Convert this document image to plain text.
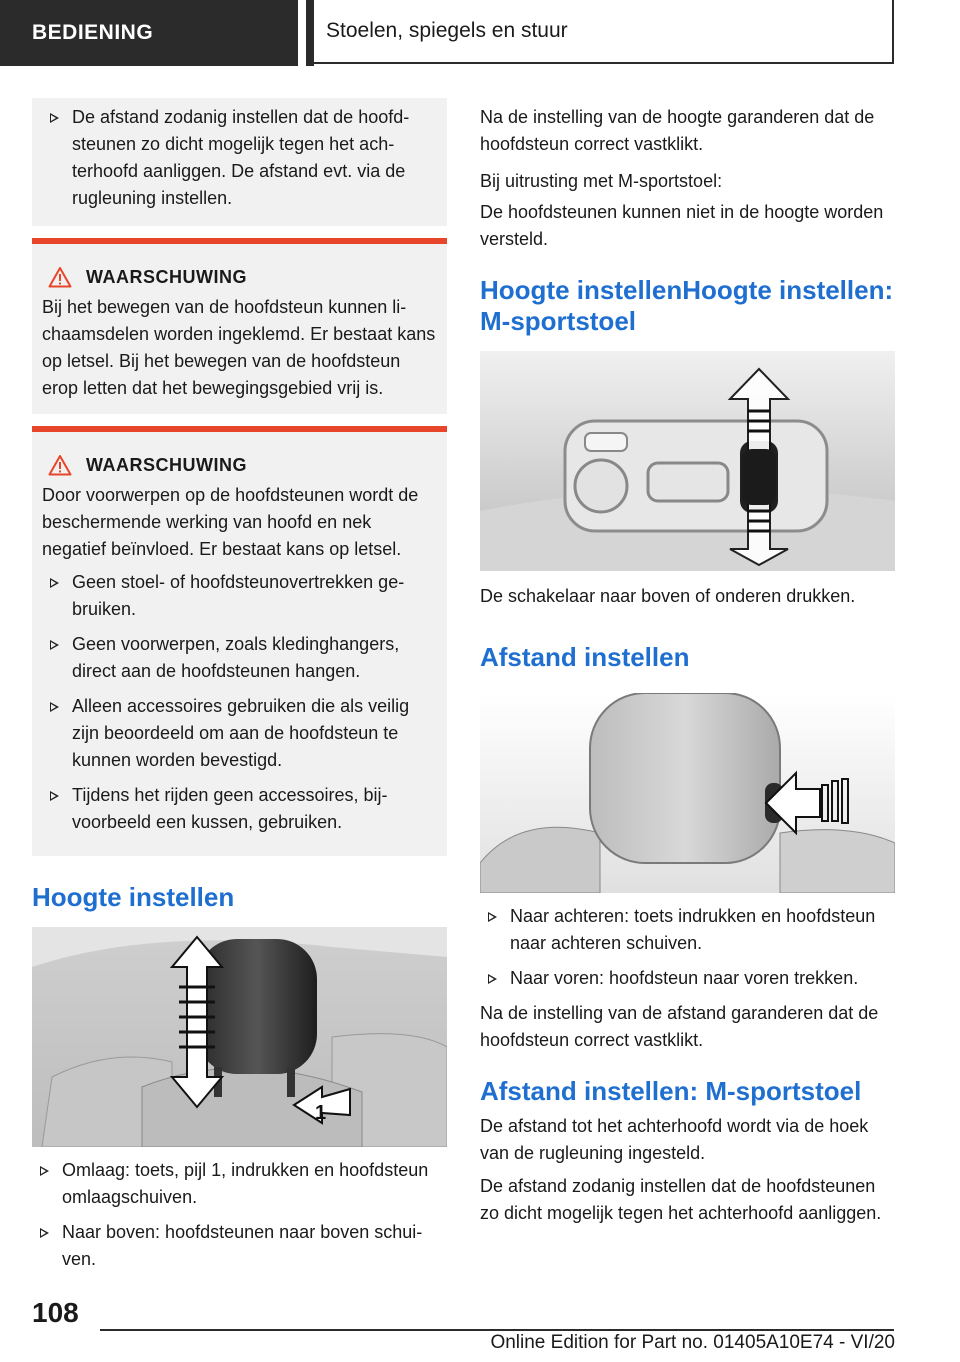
BEDIENING	Stoelen, spiegels en stuur
De afstand zodanig instellen dat de hoofdsteunen zo dicht mogelijk tegen het achterhoofd aanliggen. De afstand evt. via de rugleuning instellen.
WAARSCHUWING

Bij het bewegen van de hoofdsteun kunnen lichaamsdelen worden ingeklemd. Er bestaat kans op letsel. Bij het bewegen van de hoofdsteun erop letten dat het bewegingsgebied vrij is.

WAARSCHUWING

Door voorwerpen op de hoofdsteunen wordt de beschermende werking van hoofd en nek negatief beïnvloed. Er bestaat kans op letsel.

Geen stoel- of hoofdsteunovertrekken gebruiken.
Geen voorwerpen, zoals kledinghangers, direct aan de hoofdsteunen hangen.
Alleen accessoires gebruiken die als veilig zijn beoordeeld om aan de hoofdsteun te kunnen worden bevestigd.
Tijdens het rijden geen accessoires, bijvoorbeeld een kussen, gebruiken.
Hoogte instellen
1
Omlaag: toets, pijl 1, indrukken en hoofdsteun omlaagschuiven.
Naar boven: hoofdsteunen naar boven schuiven.

Na de instelling van de hoogte garanderen dat de hoofdsteun correct vastklikt.

Bij uitrusting met M-sportstoel:

De hoofdsteunen kunnen niet in de hoogte worden versteld.

Hoogte instellenHoogte instellen: M-sportstoel

De schakelaar naar boven of onderen drukken.

Afstand instellen
Naar achteren: toets indrukken en hoofdsteun naar achteren schuiven.
Naar voren: hoofdsteun naar voren trekken.

Na de instelling van de afstand garanderen dat de hoofdsteun correct vastklikt.

Afstand instellen: M-sportstoel

De afstand tot het achterhoofd wordt via de hoek van de rugleuning ingesteld.

De afstand zodanig instellen dat de hoofdsteunen zo dicht mogelijk tegen het achterhoofd aanliggen.

108
Online Edition for Part no. 01405A10E74 - VI/20
